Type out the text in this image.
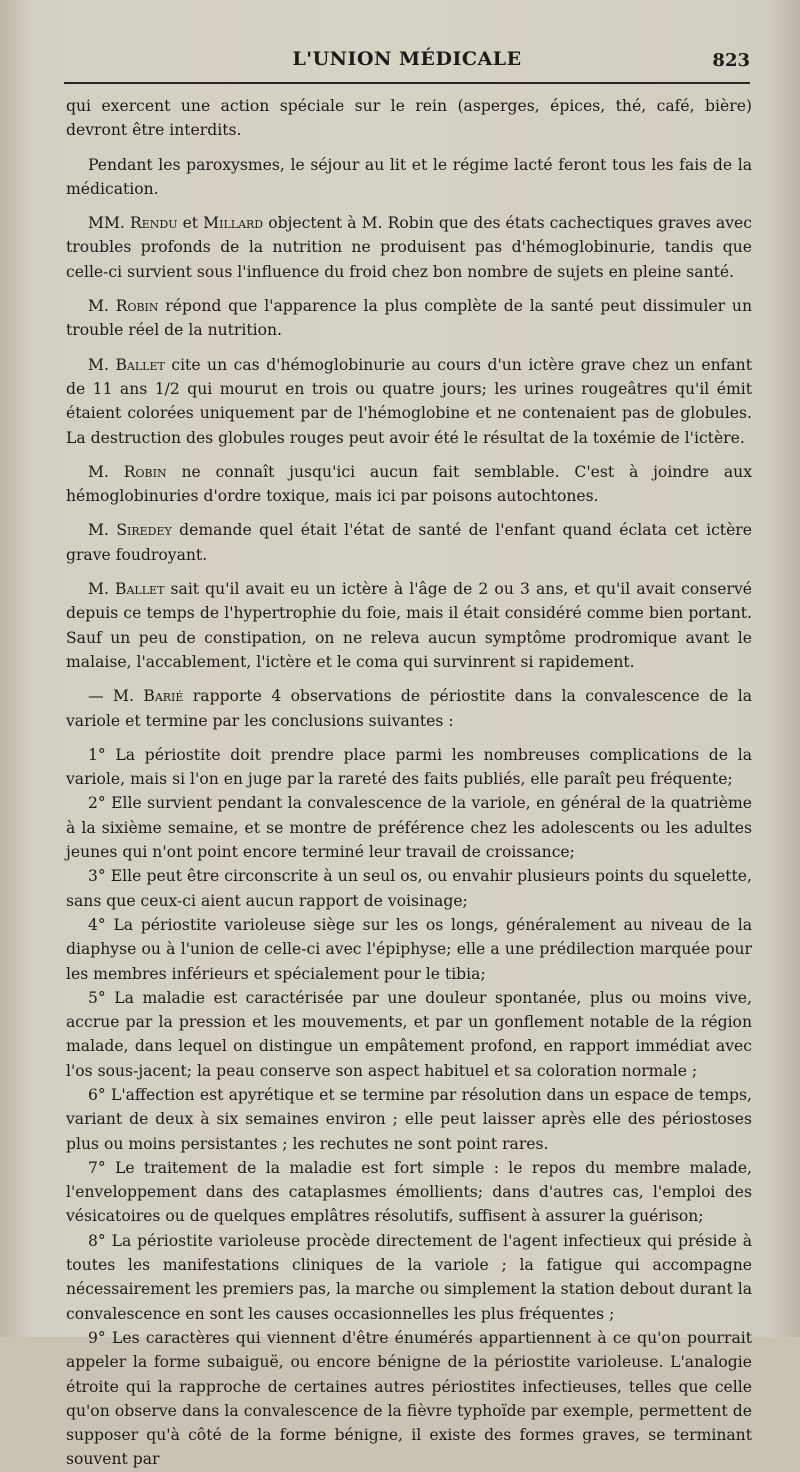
L'UNION MÉDICALE	823

qui exercent une action spéciale sur le rein (asperges, épices, thé, café, bière) devront être interdits.

Pendant les paroxysmes, le séjour au lit et le régime lacté feront tous les fais de la médication.

MM. Rendu et Millard objectent à M. Robin que des états cachectiques graves avec troubles profonds de la nutrition ne produisent pas d'hémoglobinurie, tandis que celle-ci survient sous l'influence du froid chez bon nombre de sujets en pleine santé.

M. Robin répond que l'apparence la plus complète de la santé peut dissimuler un trouble réel de la nutrition.

M. Ballet cite un cas d'hémoglobinurie au cours d'un ictère grave chez un enfant de 11 ans 1/2 qui mourut en trois ou quatre jours; les urines rougeâtres qu'il émit étaient colorées uniquement par de l'hémoglobine et ne contenaient pas de globules. La destruction des globules rouges peut avoir été le résultat de la toxémie de l'ictère.

M. Robin ne connaît jusqu'ici aucun fait semblable. C'est à joindre aux hémoglobinuries d'ordre toxique, mais ici par poisons autochtones.

M. Siredey demande quel était l'état de santé de l'enfant quand éclata cet ictère grave foudroyant.

M. Ballet sait qu'il avait eu un ictère à l'âge de 2 ou 3 ans, et qu'il avait conservé depuis ce temps de l'hypertrophie du foie, mais il était considéré comme bien portant. Sauf un peu de constipation, on ne releva aucun symptôme prodromique avant le malaise, l'accablement, l'ictère et le coma qui survinrent si rapidement.

— M. Barié rapporte 4 observations de périostite dans la convalescence de la variole et termine par les conclusions suivantes :

1° La périostite doit prendre place parmi les nombreuses complications de la variole, mais si l'on en juge par la rareté des faits publiés, elle paraît peu fréquente;

2° Elle survient pendant la convalescence de la variole, en général de la quatrième à la sixième semaine, et se montre de préférence chez les adolescents ou les adultes jeunes qui n'ont point encore terminé leur travail de croissance;

3° Elle peut être circonscrite à un seul os, ou envahir plusieurs points du squelette, sans que ceux-ci aient aucun rapport de voisinage;

4° La périostite varioleuse siège sur les os longs, généralement au niveau de la diaphyse ou à l'union de celle-ci avec l'épiphyse; elle a une prédilection marquée pour les membres inférieurs et spécialement pour le tibia;

5° La maladie est caractérisée par une douleur spontanée, plus ou moins vive, accrue par la pression et les mouvements, et par un gonflement notable de la région malade, dans lequel on distingue un empâtement profond, en rapport immédiat avec l'os sous-jacent; la peau conserve son aspect habituel et sa coloration normale ;

6° L'affection est apyrétique et se termine par résolution dans un espace de temps, variant de deux à six semaines environ ; elle peut laisser après elle des périostoses plus ou moins persistantes ; les rechutes ne sont point rares.

7° Le traitement de la maladie est fort simple : le repos du membre malade, l'enveloppement dans des cataplasmes émollients; dans d'autres cas, l'emploi des vésicatoires ou de quelques emplâtres résolutifs, suffisent à assurer la guérison;

8° La périostite varioleuse procède directement de l'agent infectieux qui préside à toutes les manifestations cliniques de la variole ; la fatigue qui accompagne nécessairement les premiers pas, la marche ou simplement la station debout durant la convalescence en sont les causes occasionnelles les plus fréquentes ;

9° Les caractères qui viennent d'être énumérés appartiennent à ce qu'on pourrait appeler la forme subaiguë, ou encore bénigne de la périostite varioleuse. L'analogie étroite qui la rapproche de certaines autres périostites infectieuses, telles que celle qu'on observe dans la convalescence de la fièvre typhoïde par exemple, permettent de supposer qu'à côté de la forme bénigne, il existe des formes graves, se terminant souvent par
